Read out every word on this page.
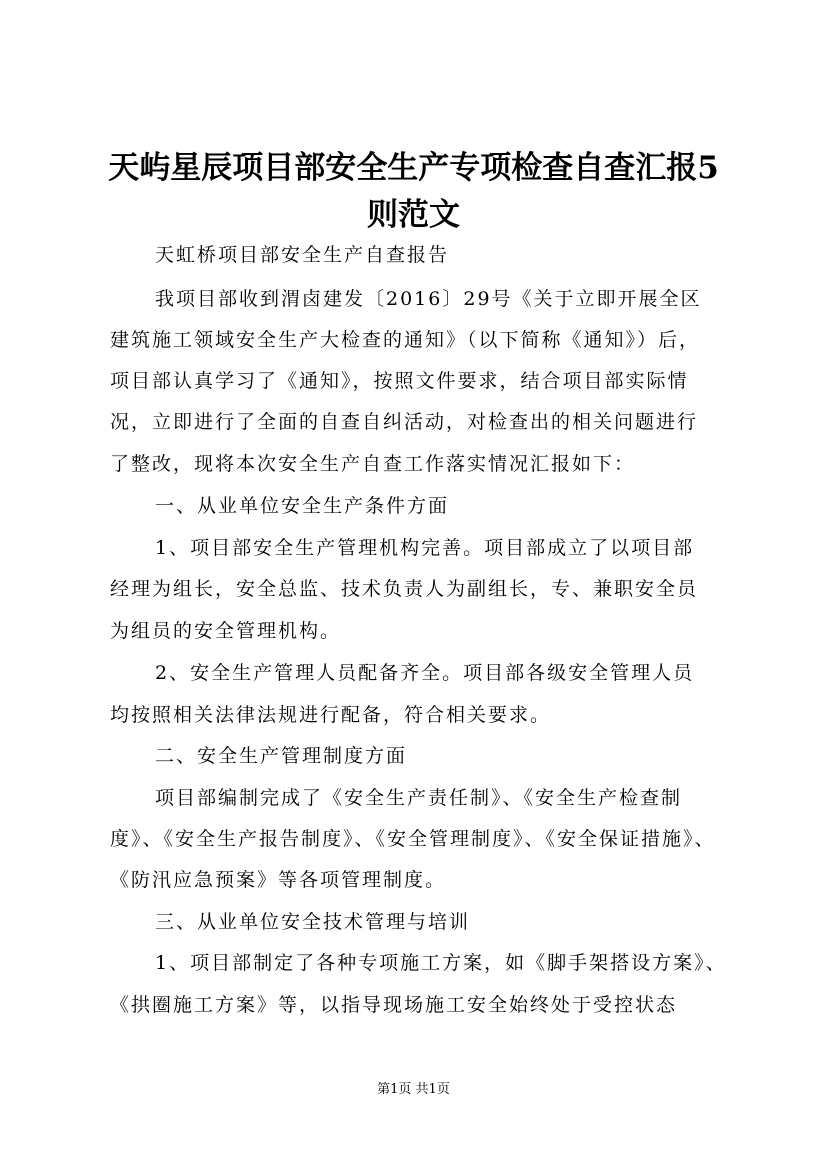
天屿星辰项目部安全生产专项检查自查汇报5
则范文
天虹桥项目部安全生产自查报告
我项目部收到渭卤建发〔2016〕29号《关于立即开展全区
建筑施工领域安全生产大检查的通知》（以下简称《通知》）后，
项目部认真学习了《通知》，按照文件要求，结合项目部实际情
况，立即进行了全面的自查自纠活动，对检查出的相关问题进行
了整改，现将本次安全生产自查工作落实情况汇报如下：
一、从业单位安全生产条件方面
1、项目部安全生产管理机构完善。项目部成立了以项目部
经理为组长，安全总监、技术负责人为副组长，专、兼职安全员
为组员的安全管理机构。
2、安全生产管理人员配备齐全。项目部各级安全管理人员
均按照相关法律法规进行配备，符合相关要求。
二、安全生产管理制度方面
项目部编制完成了《安全生产责任制》、《安全生产检查制
度》、《安全生产报告制度》、《安全管理制度》、《安全保证措施》、
《防汛应急预案》等各项管理制度。
三、从业单位安全技术管理与培训
1、项目部制定了各种专项施工方案，如《脚手架搭设方案》、
《拱圈施工方案》等，以指导现场施工安全始终处于受控状态
第1页 共1页
